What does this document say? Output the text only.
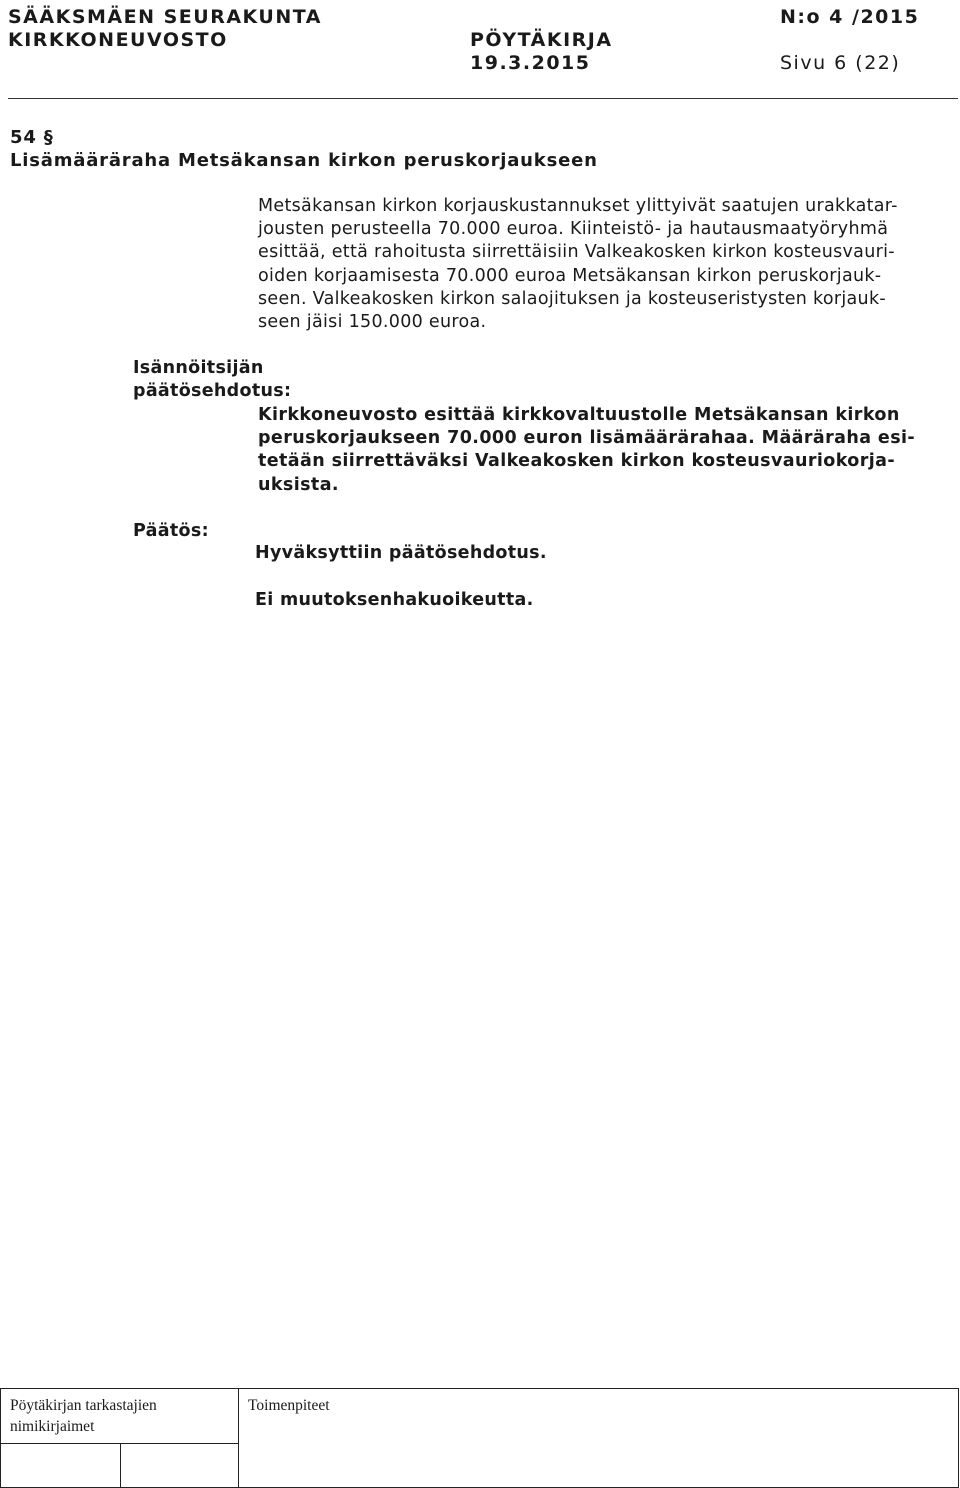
SÄÄKSMÄEN SEURAKUNTA
KIRKKONEUVOSTO	PÖYTÄKIRJA
19.3.2015
N:o 4 /2015
Sivu 6 (22)
54 §
Lisämääräraha Metsäkansan kirkon peruskorjaukseen
Metsäkansan kirkon korjauskustannukset ylittyivät saatujen urakkatar-
jousten perusteella 70.000 euroa. Kiinteistö- ja hautausmaatyöryhmä
esittää, että rahoitusta siirrettäisiin Valkeakosken kirkon kosteusvauri-
oiden korjaamisesta 70.000 euroa Metsäkansan kirkon peruskorjauk-
seen. Valkeakosken kirkon salaojituksen ja kosteuseristysten korjauk-
seen jäisi 150.000 euroa.
Isännöitsijän
päätösehdotus:
Kirkkoneuvosto esittää kirkkovaltuustolle Metsäkansan kirkon
peruskorjaukseen 70.000 euron lisämäärärahaa. Määräraha esi-
tetään siirrettäväksi Valkeakosken kirkon kosteusvauriokorja-
uksista.
Päätös:
Hyväksyttiin päätösehdotus.
Ei muutoksenhakuoikeutta.
Pöytäkirjan tarkastajien
nimikirjaimet		Toimenpiteet
